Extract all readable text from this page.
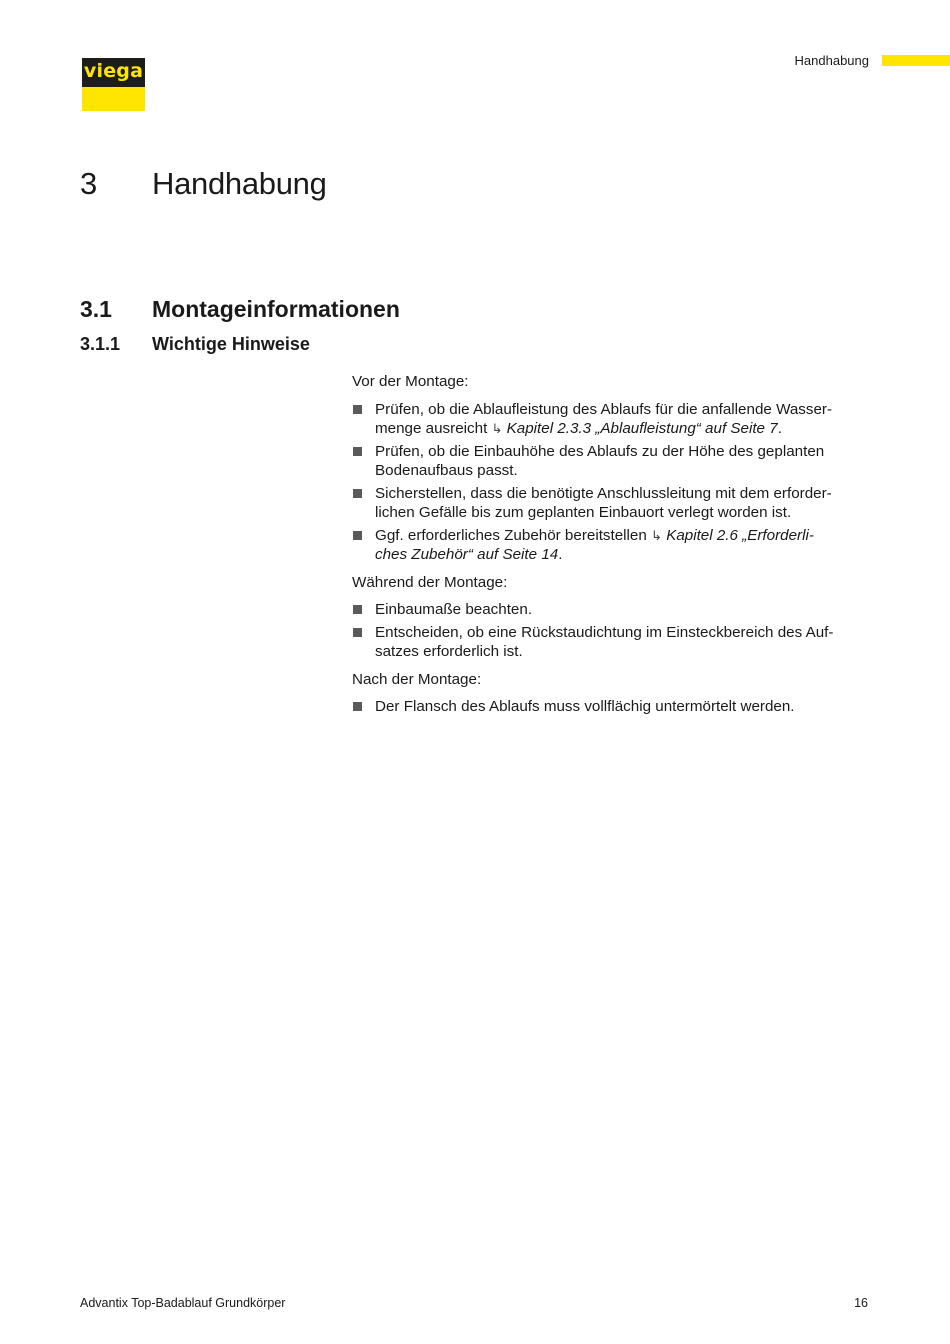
viega	Handhabung
3 Handhabung
3.1 Montageinformationen
3.1.1 Wichtige Hinweise

Vor der Montage:

Prüfen, ob die Ablaufleistung des Ablaufs für die anfallende Wasser-
menge ausreicht ↳ Kapitel 2.3.3 „Ablaufleistung“ auf Seite 7.
Prüfen, ob die Einbauhöhe des Ablaufs zu der Höhe des geplanten
Bodenaufbaus passt.
Sicherstellen, dass die benötigte Anschlussleitung mit dem erforder-
lichen Gefälle bis zum geplanten Einbauort verlegt worden ist.
Ggf. erforderliches Zubehör bereitstellen ↳ Kapitel 2.6 „Erforderli-
ches Zubehör“ auf Seite 14.

Während der Montage:

Einbaumaße beachten.
Entscheiden, ob eine Rückstaudichtung im Einsteckbereich des Auf-
satzes erforderlich ist.

Nach der Montage:

Der Flansch des Ablaufs muss vollflächig untermörtelt werden.
Advantix Top-Badablauf Grundkörper	16
